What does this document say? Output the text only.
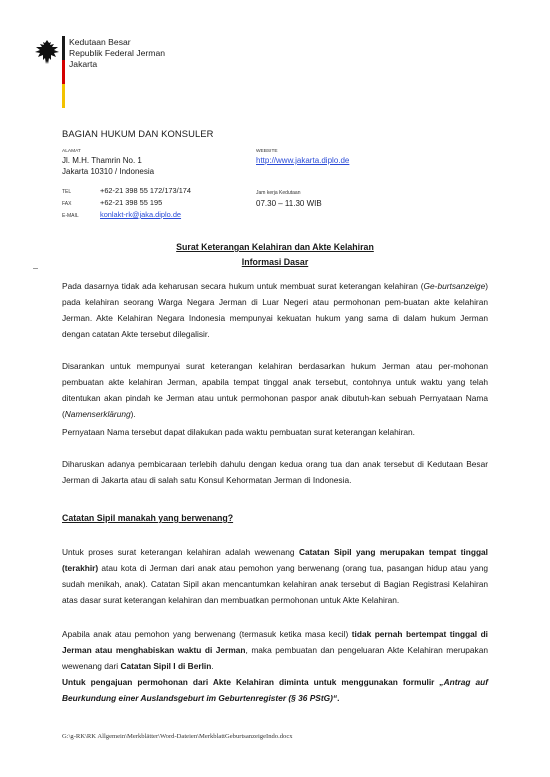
Kedutaan Besar
Republik Federal Jerman
Jakarta
BAGIAN HUKUM DAN KONSULER
ALAMAT
Jl. M.H. Thamrin No. 1
Jakarta 10310 / Indonesia
WEBSITE
http://www.jakarta.diplo.de
TEL	+62-21 398 55 172/173/174
FAX	+62-21 398 55 195
E-MAIL	konlakt-rk@jaka.diplo.de
Jam kerja Kedutaan
07.30 – 11.30 WIB
Surat Keterangan Kelahiran dan Akte Kelahiran
Informasi Dasar
Pada dasarnya tidak ada keharusan secara hukum untuk membuat surat keterangan kelahiran (Ge-burtsanzeige) pada kelahiran seorang Warga Negara Jerman di Luar Negeri atau permohonan pem-buatan akte kelahiran Jerman. Akte Kelahiran Negara Indonesia mempunyai kekuatan hukum yang sama di dalam hukum Jerman dengan catatan Akte tersebut dilegalisir.
Disarankan untuk mempunyai surat keterangan kelahiran berdasarkan hukum Jerman atau per-mohonan pembuatan akte kelahiran Jerman, apabila tempat tinggal anak tersebut, contohnya untuk waktu yang telah ditentukan akan pindah ke Jerman atau untuk permohonan paspor anak dibutuh-kan sebuah Pernyataan Nama (Namenserklärung).
Pernyataan Nama tersebut dapat dilakukan pada waktu pembuatan surat keterangan kelahiran.
Diharuskan adanya pembicaraan terlebih dahulu dengan kedua orang tua dan anak tersebut di Kedutaan Besar Jerman di Jakarta atau di salah satu Konsul Kehormatan Jerman di Indonesia.
Catatan Sipil manakah yang berwenang?
Untuk proses surat keterangan kelahiran adalah wewenang Catatan Sipil yang merupakan tempat tinggal (terakhir) atau kota di Jerman dari anak atau pemohon yang berwenang (orang tua, pasangan hidup atau yang sudah menikah, anak). Catatan Sipil akan mencantumkan kelahiran anak tersebut di Bagian Registrasi Kelahiran atas dasar surat keterangan kelahiran dan membuatkan permohonan untuk Akte Kelahiran.
Apabila anak atau pemohon yang berwenang (termasuk ketika masa kecil) tidak pernah bertempat tinggal di Jerman atau menghabiskan waktu di Jerman, maka pembuatan dan pengeluaran Akte Kelahiran merupakan wewenang dari Catatan Sipil I di Berlin.
Untuk pengajuan permohonan dari Akte Kelahiran diminta untuk menggunakan formulir „Antrag auf Beurkundung einer Auslandsgeburt im Geburtenregister (§ 36 PStG)“.
G:\g-RK\RK Allgemein\Merkblätter\Word-Dateien\MerkblattGeburtsanzeigeIndo.docx
